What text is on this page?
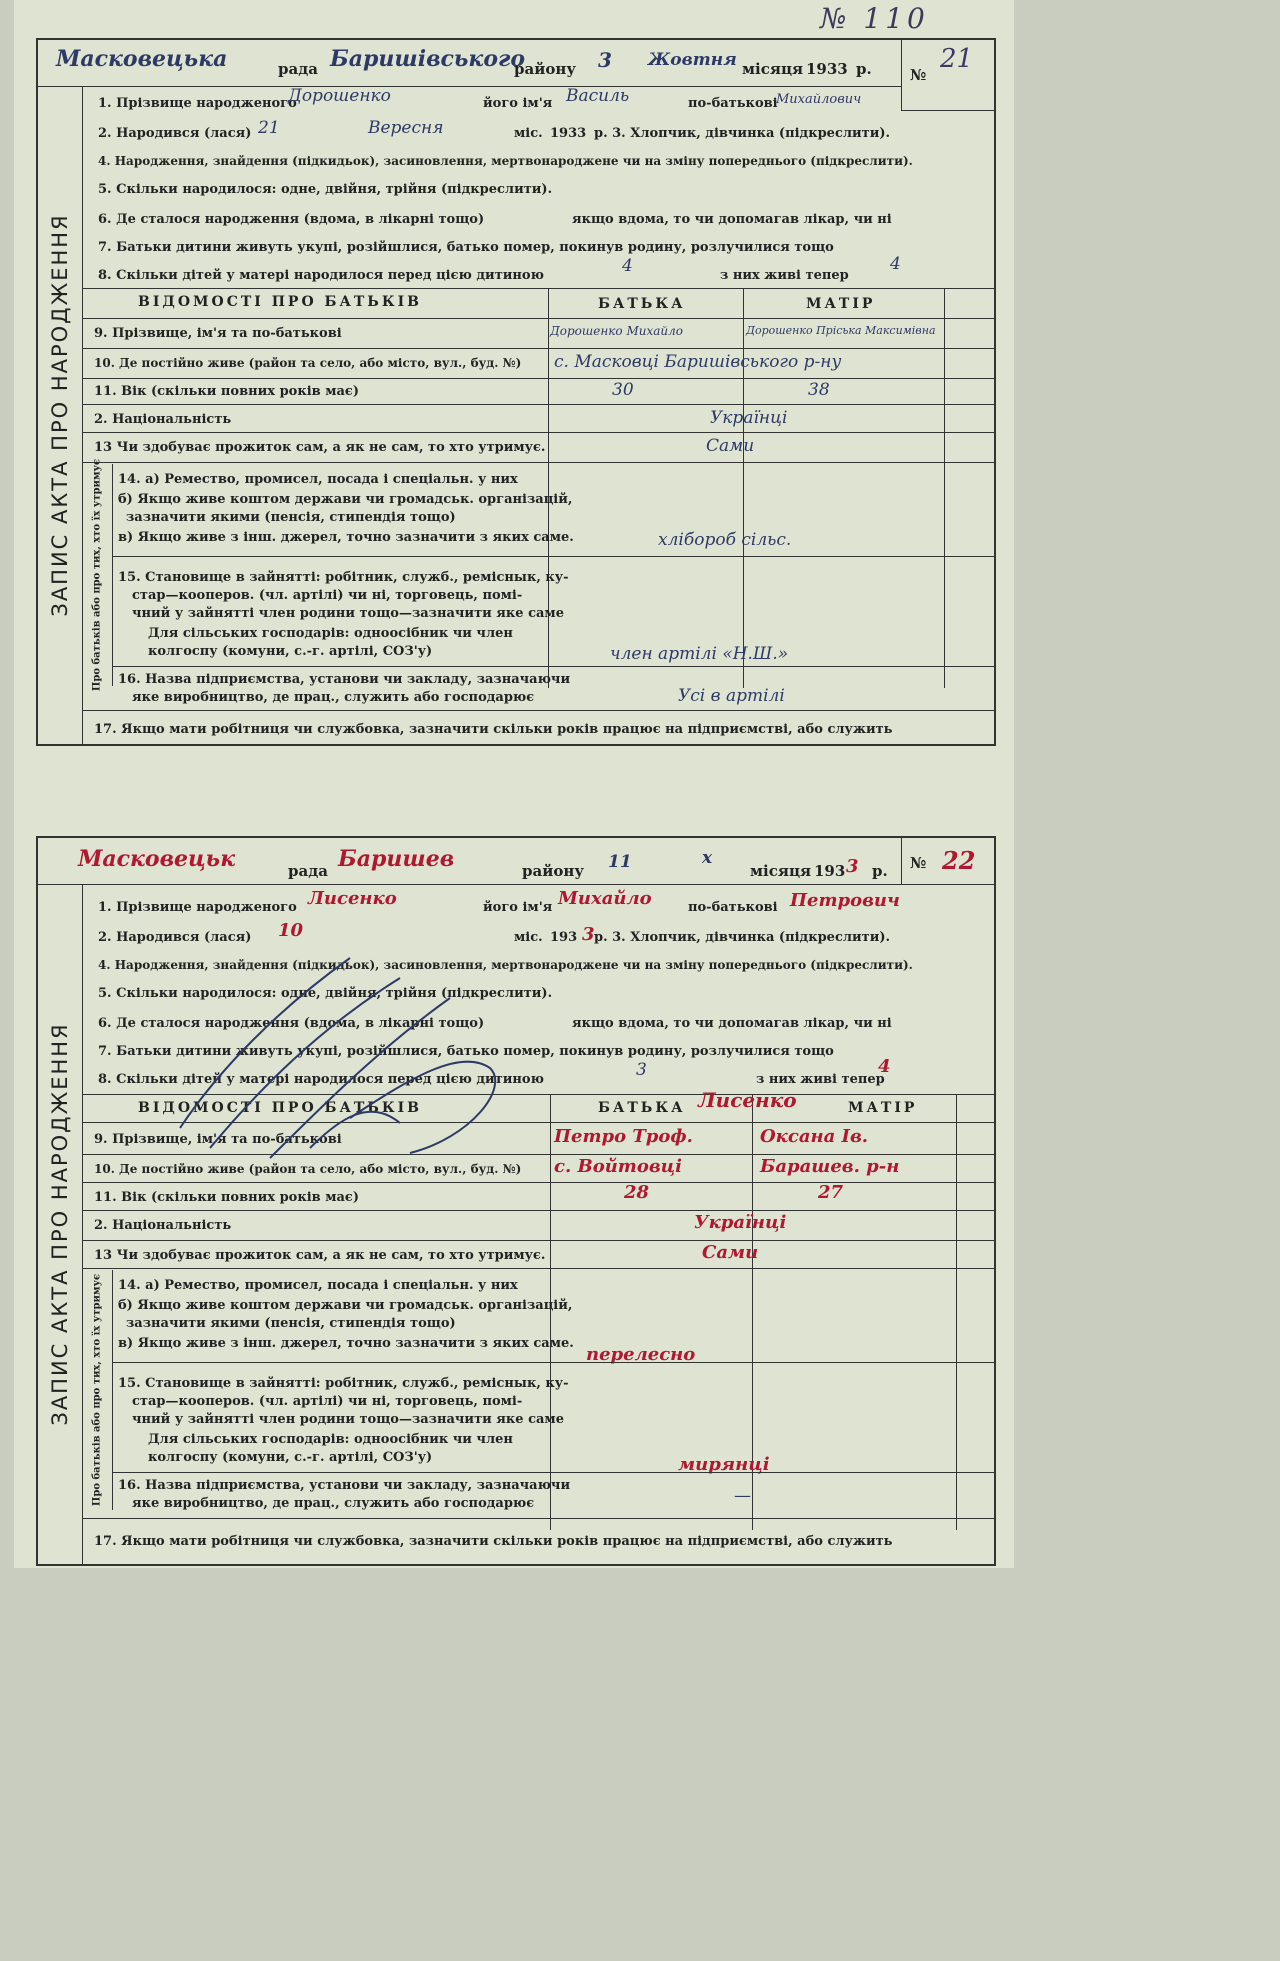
№ 110
Масковецька	рада Баришівського
району 3 Жовтня місяця 1933 р.	№
21
ЗАПИС АКТА ПРО НАРОДЖЕННЯ
1. Прізвище народженого
Дорошенко	його ім'я Василь	по-батькові
Михайлович
2. Народився (лася) 21	Вересня	міс. 1933 р. 3. Хлопчик, дівчинка (підкреслити).
4. Народження, знайдення (підкидьок), засиновлення, мертвонароджене чи на зміну попереднього (підкреслити).
5. Скільки народилося: одне, двійня, трійня (підкреслити).
6. Де сталося народження (вдома, в лікарні тощо)	якщо вдома, то чи допомагав лікар, чи ні
7. Батьки дитини живуть укупі, розійшлися, батько помер, покинув родину, розлучилися тощо
8. Скільки дітей у матері народилося перед цією дитиною	4	з них живі тепер
4
ВІДОМОСТІ ПРО БАТЬКІВ	БАТЬКА	МАТІР
9. Прізвище, ім'я та по-батькові	Дорошенко Михайло	Дорошенко Пріська Максимівна
10. Де постійно живе (район та село, або місто, вул., буд. №) с. Масковці Баришівського р-ну
11. Вік (скільки повних років має)	30	38
2. Національність	Українці
13 Чи здобуває прожиток сам, а як не сам, то хто утримує.	Сами
Про батьків або про тих, хто їх утримує 14. а) Ремество, промисел, посада і спеціальн. у них
б) Якщо живе коштом держави чи громадськ. організацій,
зазначити якими (пенсія, стипендія тощо)
в) Якщо живе з інш. джерел, точно зазначити з яких саме.	хлібороб cільс.
15. Становище в зайнятті: робітник, служб., реміснык, ку-
стар—кооперов. (чл. артілі) чи ні, торговець, помі-
чний у зайнятті член родини тощо—зазначити яке саме
Для сільських господарів: одноосібник чи член
колгоспу (комуни, с.-г. артілі, СОЗ'у)	член артілі «Н.Ш.»
16. Назва підприємства, установи чи закладу, зазначаючи
яке виробництво, де прац., служить або господарює	Усі в артілі
17. Якщо мати робітниця чи службовка, зазначити скільки років працює на підприємстві, або служить
Масковецьк	рада Баришев	району 11	х
місяця 193 3 р. № 22
ЗАПИС АКТА ПРО НАРОДЖЕННЯ
1. Прізвище народженого Лисенко	його ім'я Михайло	по-батькові Петрович
2. Народився (лася) 10	міс. 193 3 р. 3. Хлопчик, дівчинка (підкреслити).
4. Народження, знайдення (підкидьок), засиновлення, мертвонароджене чи на зміну попереднього (підкреслити).
5. Скільки народилося: одне, двійня, трійня (підкреслити).
6. Де сталося народження (вдома, в лікарні тощо)	якщо вдома, то чи допомагав лікар, чи ні
7. Батьки дитини живуть укупі, розійшлися, батько помер, покинув родину, розлучилися тощо
8. Скільки дітей у матері народилося перед цією дитиною	3	з них живі тепер
4
ВІДОМОСТІ ПРО БАТЬКІВ	БАТЬКА Лисенко	МАТІР
9. Прізвище, ім'я та по-батькові	Петро Троф.	Оксана Ів.
10. Де постійно живе (район та село, або місто, вул., буд. №) с. Войтовці	Барашев. р-н
11. Вік (скільки повних років має)	28	27
2. Національність	Українці
13 Чи здобуває прожиток сам, а як не сам, то хто утримує.	Сами
Про батьків або про тих, хто їх утримує 14. а) Ремество, промисел, посада і спеціальн. у них
б) Якщо живе коштом держави чи громадськ. організацій,
зазначити якими (пенсія, стипендія тощо)
в) Якщо живе з інш. джерел, точно зазначити з яких саме.
перелесно
15. Становище в зайнятті: робітник, служб., реміснык, ку-
стар—кооперов. (чл. артілі) чи ні, торговець, помі-
чний у зайнятті член родини тощо—зазначити яке саме
Для сільських господарів: одноосібник чи член
колгоспу (комуни, с.-г. артілі, СОЗ'у)	мирянці
16. Назва підприємства, установи чи закладу, зазначаючи
яке виробництво, де прац., служить або господарює	—
17. Якщо мати робітниця чи службовка, зазначити скільки років працює на підприємстві, або служить
